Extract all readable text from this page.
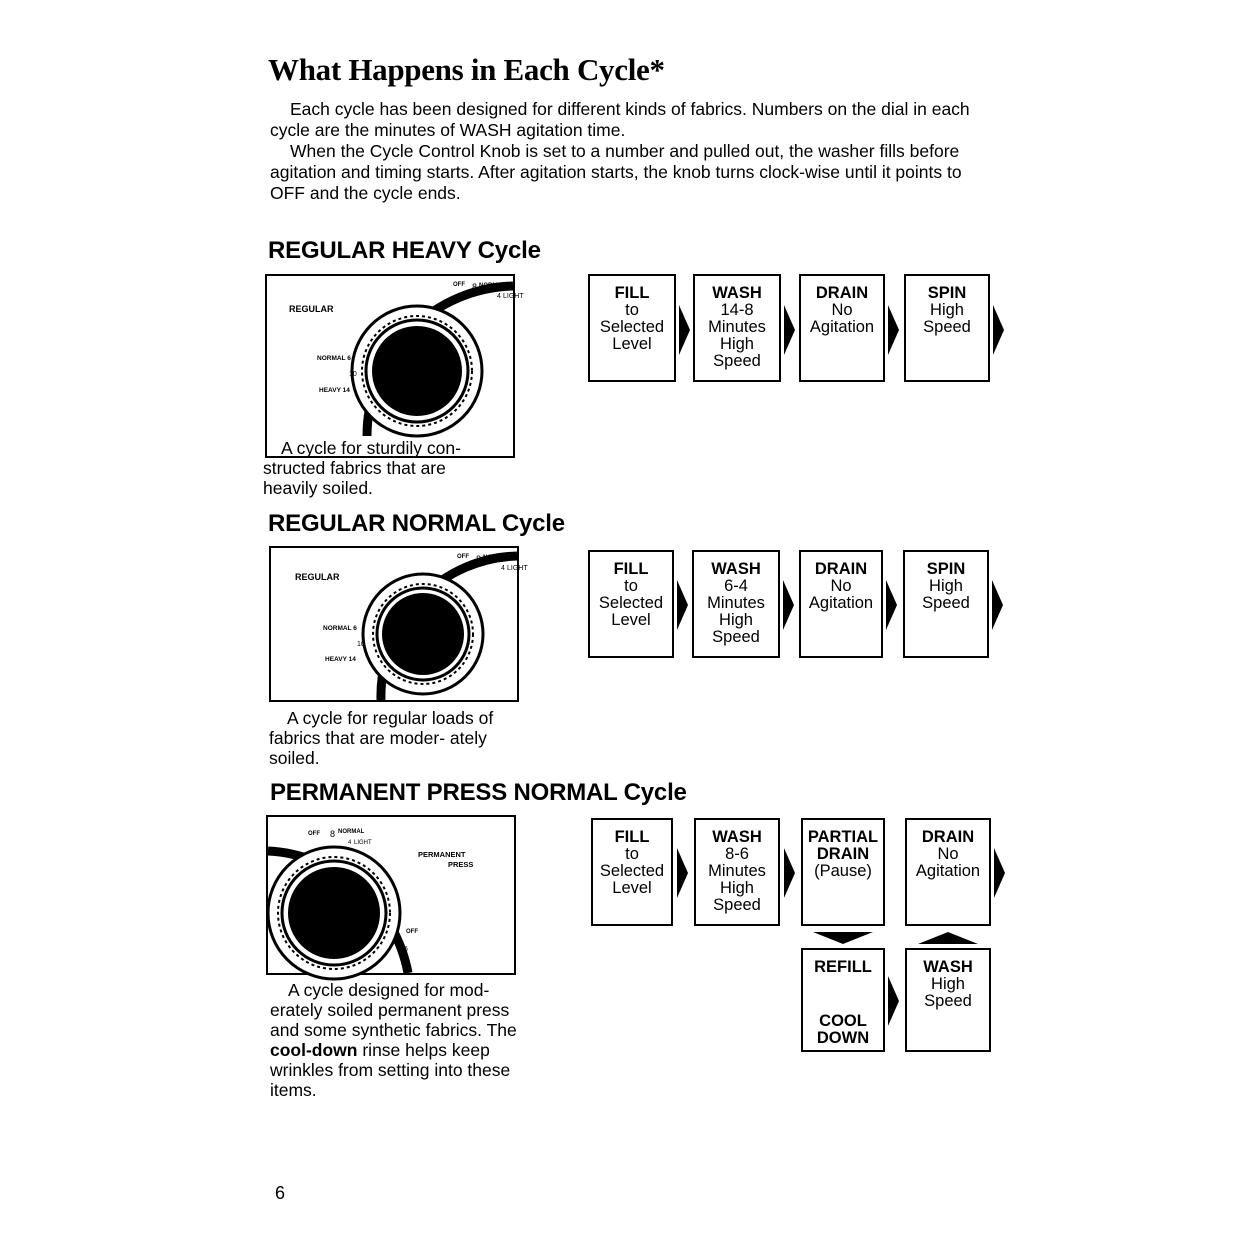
What Happens in Each Cycle*

Each cycle has been designed for different kinds of fabrics. Numbers on the dial in each cycle are the minutes of WASH agitation time.

When the Cycle Control Knob is set to a number and pulled out, the washer fills before agitation and timing starts. After agitation starts, the knob turns clock-wise until it points to OFF and the cycle ends.

REGULAR HEAVY Cycle
REGULAR
OFF 8 NORMAL
4 LIGHT
NORMAL 6
10
HEAVY 14
A cycle for sturdily con- structed fabrics that are heavily soiled.
FILL
to
Selected
Level
WASH
14-8
Minutes
High
Speed
DRAIN
No
Agitation
SPIN
High
Speed
REGULAR NORMAL Cycle
REGULAR
OFF 8 NORMAL
4 LIGHT
NORMAL 6
10
HEAVY 14
A cycle for regular loads of fabrics that are moder- ately soiled.
FILL
to
Selected
Level
WASH
6-4
Minutes
High
Speed
DRAIN
No
Agitation
SPIN
High
Speed
PERMANENT PRESS NORMAL Cycle
OFF 8 NORMAL
4 LIGHT
PERMANENT
PRESS
OFF
6
A cycle designed for mod- erately soiled permanent press and some synthetic fabrics. The cool-down rinse helps keep wrinkles from setting into these items.
FILL
to
Selected
Level
WASH
8-6
Minutes
High
Speed
PARTIAL
DRAIN
(Pause)
DRAIN
No
Agitation
REFILL
COOL
DOWN
WASH
High
Speed
6
